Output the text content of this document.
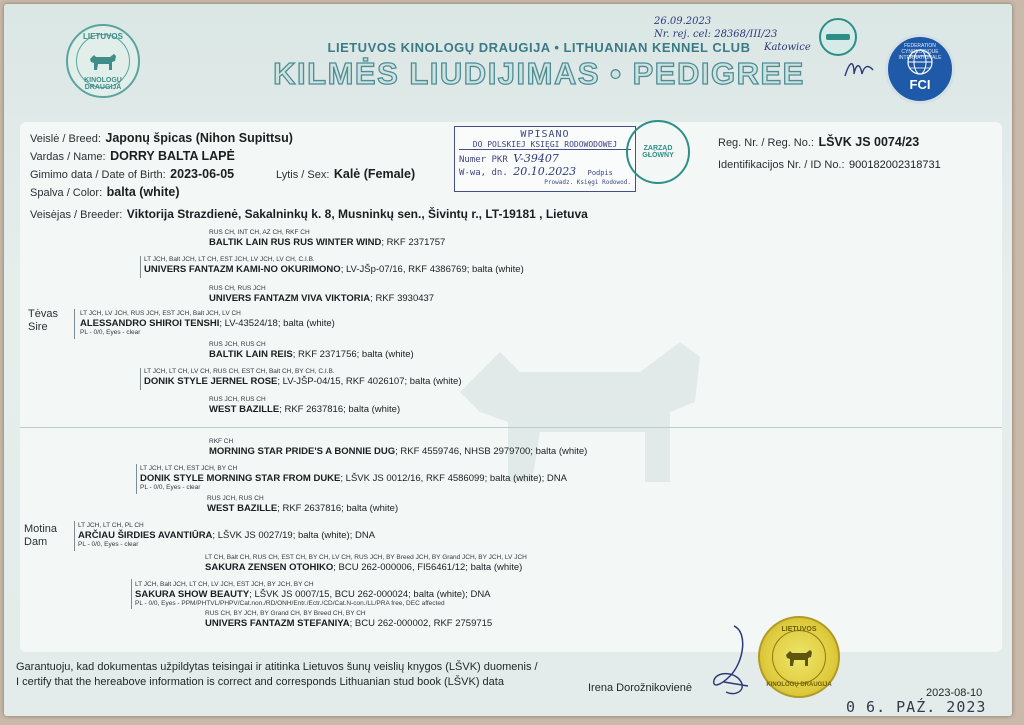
LIETUVOS
KINOLOGŲ DRAUGIJA
LIETUVOS KINOLOGŲ DRAUGIJA • LITHUANIAN KENNEL CLUB
KILMĖS LIUDIJIMAS • PEDIGREE
26.09.2023
Nr. rej. cel: 28368/III/23
Katowice	FEDERATION CYNOLOGIQUE INTERNATIONALE
FCI
Veislė / Breed: Japonų špicas (Nihon Supittsu)
Vardas / Name: DORRY BALTA LAPĖ
Gimimo data / Date of Birth: 2023-06-05	Lytis / Sex: Kalė (Female)
Spalva / Color: balta (white)
Veisėjas / Breeder: Viktorija Strazdienė, Sakalninkų k. 8, Musninkų sen., Šivintų r., LT-19181 , Lietuva
Reg. Nr. / Reg. No.: LŠVK JS 0074/23
Identifikacijos Nr. / ID No.: 900182002318731
WPISANO
DO POLSKIEJ KSIĘGI RODOWODOWEJ
Numer PKR V-39407
W-wa, dn. 20.10.2023 Podpis
Prowadz. Księgi Rodowod.
ZARZĄD GŁÓWNY
Tėvas
Sire
Motina
Dam
RUS CH, INT CH, AZ CH, RKF CH
BALTIK LAIN RUS RUS WINTER WIND; RKF 2371757
LT JCH, Balt JCH, LT CH, EST JCH, LV JCH, LV CH, C.I.B.
UNIVERS FANTAZM KAMI-NO OKURIMONO; LV-JŠp-07/16, RKF 4386769; balta (white)
RUS CH, RUS JCH
UNIVERS FANTAZM VIVA VIKTORIA; RKF 3930437
LT JCH, LV JCH, RUS JCH, EST JCH, Balt JCH, LV CH
ALESSANDRO SHIROI TENSHI; LV-43524/18; balta (white)
PL - 0/0, Eyes - clear
RUS JCH, RUS CH
BALTIK LAIN REIS; RKF 2371756; balta (white)
LT JCH, LT CH, LV CH, RUS CH, EST CH, Balt CH, BY CH, C.I.B.
DONIK STYLE JERNEL ROSE; LV-JŠP-04/15, RKF 4026107; balta (white)
RUS JCH, RUS CH
WEST BAZILLE; RKF 2637816; balta (white)
RKF CH
MORNING STAR PRIDE'S A BONNIE DUG; RKF 4559746, NHSB 2979700; balta (white)
LT JCH, LT CH, EST JCH, BY CH
DONIK STYLE MORNING STAR FROM DUKE; LŠVK JS 0012/16, RKF 4586099; balta (white); DNA
PL - 0/0, Eyes - clear
RUS JCH, RUS CH
WEST BAZILLE; RKF 2637816; balta (white)
LT JCH, LT CH, PL CH
ARČIAU ŠIRDIES AVANTIŪRA; LŠVK JS 0027/19; balta (white); DNA
PL - 0/0, Eyes - clear
LT CH, Balt CH, RUS CH, EST CH, BY CH, LV CH, RUS JCH, BY Breed JCH, BY Grand JCH, BY JCH, LV JCH
SAKURA ZENSEN OTOHIKO; BCU 262-000006, FI56461/12; balta (white)
LT JCH, Balt JCH, LT CH, LV JCH, EST JCH, BY JCH, BY CH
SAKURA SHOW BEAUTY; LŠVK JS 0007/15, BCU 262-000024; balta (white); DNA
PL - 0/0, Eyes - PPM/PHTVL/PHPV/Cat.non./RD/ONH/Entr./Ectr./CD/Cat.N-con./LL/PRA free, DEC affected
RUS CH, BY JCH, BY Grand CH, BY Breed CH, BY CH
UNIVERS FANTAZM STEFANIYA; BCU 262-000002, RKF 2759715
Garantuoju, kad dokumentas užpildytas teisingai ir atitinka Lietuvos šunų veislių knygos (LŠVK) duomenis /
I certify that the hereabove information is correct and corresponds Lithuanian stud book (LŠVK) data	Irena Dorožnikovienė
LIETUVOS
KINOLOGŲ DRAUGIJA
2023-08-10
0 6. PAŹ. 2023
